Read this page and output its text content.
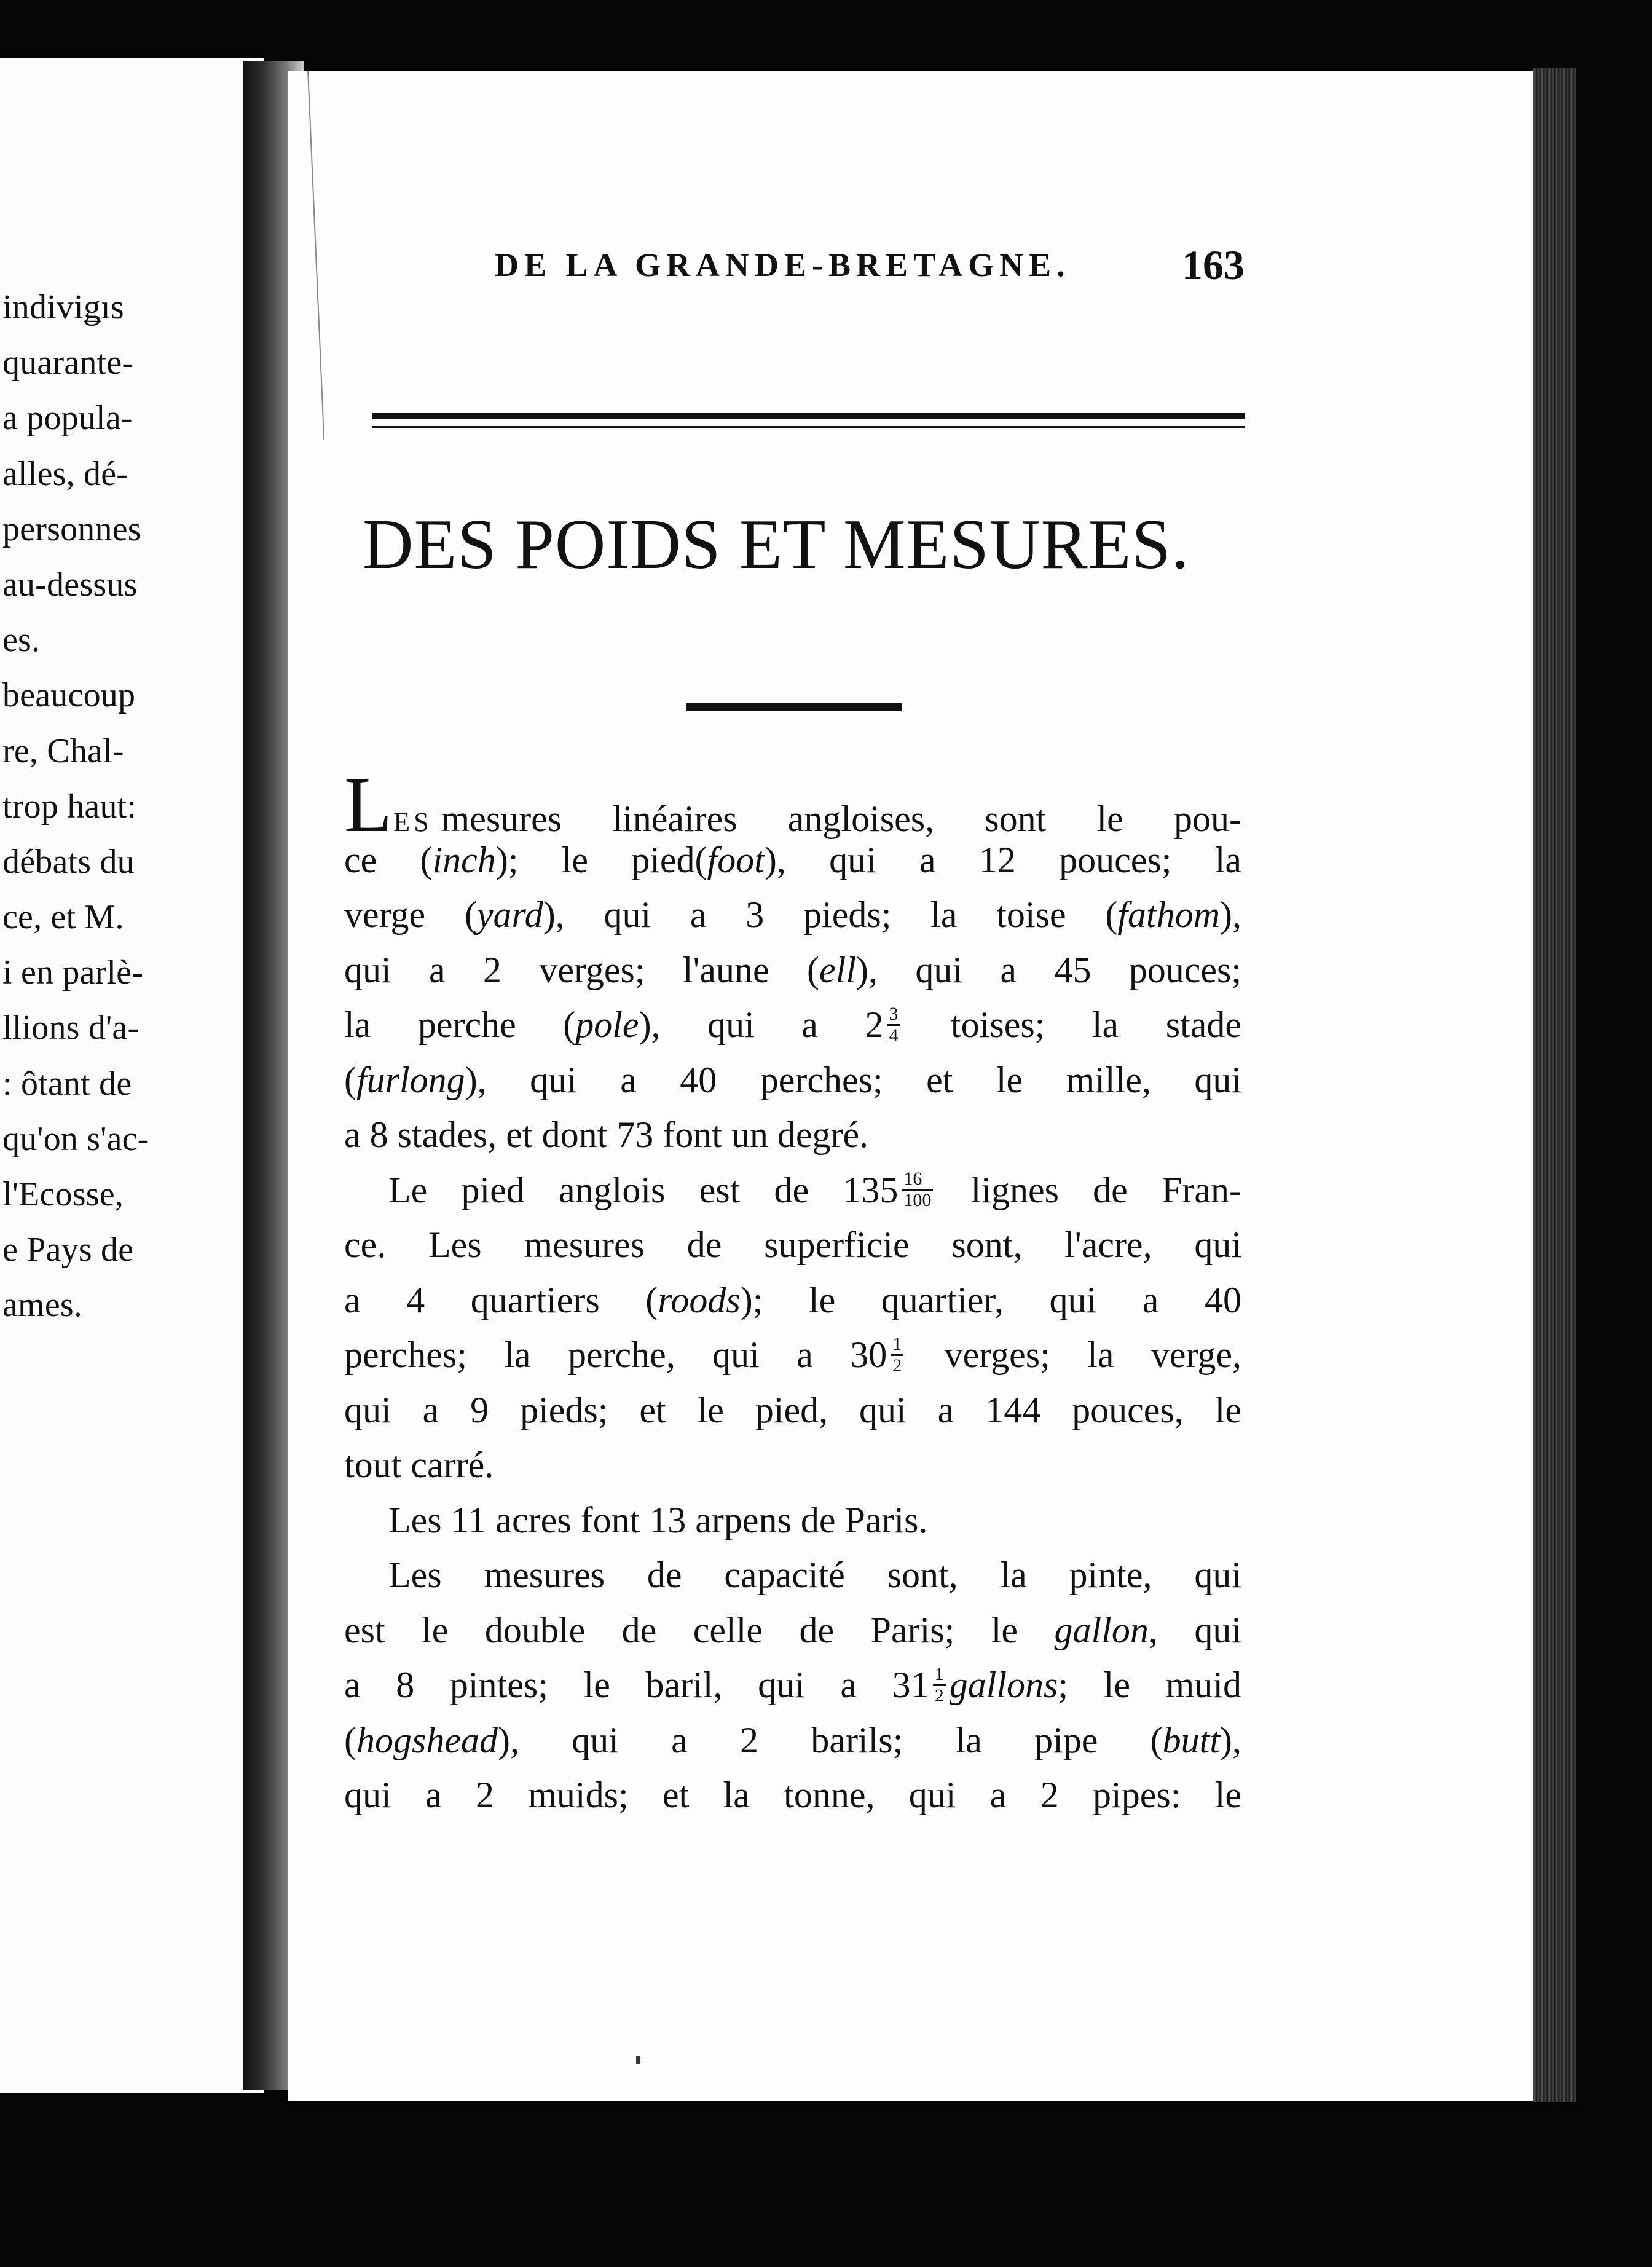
indiviǥıs
quarante-
a popula-
alles, dé-
personnes
au-dessus
es.
beaucoup
re, Chal-
trop haut:
débats du
ce, et M.
i en parlè-
llions d'a-
: ôtant de
qu'on s'ac-
l'Ecosse,
e Pays de
ames.
DE LA GRANDE-BRETAGNE.	163
DES POIDS ET MESURES.
LES mesures linéaires angloises, sont le pou-
ce (inch); le pied(foot), qui a 12 pouces; la
verge (yard), qui a 3 pieds; la toise (fathom),
qui a 2 verges; l'aune (ell), qui a 45 pouces;
la perche (pole), qui a $2 \frac{3}{4}$ toises; la stade
(furlong), qui a 40 perches; et le mille, qui
a 8 stades, et dont 73 font un degré.
Le pied anglois est de $135 \frac{16}{100}$ lignes de Fran-
ce. Les mesures de superficie sont, l'acre, qui
a 4 quartiers (roods); le quartier, qui a 40
perches; la perche, qui a $30 \frac{1}{2}$ verges; la verge,
qui a 9 pieds; et le pied, qui a 144 pouces, le
tout carré.
Les 11 acres font 13 arpens de Paris.
Les mesures de capacité sont, la pinte, qui
est le double de celle de Paris; le gallon, qui
a 8 pintes; le baril, qui a $31 \frac{1}{2}$ gallons; le muid
(hogshead), qui a 2 barils; la pipe (butt),
qui a 2 muids; et la tonne, qui a 2 pipes: le
